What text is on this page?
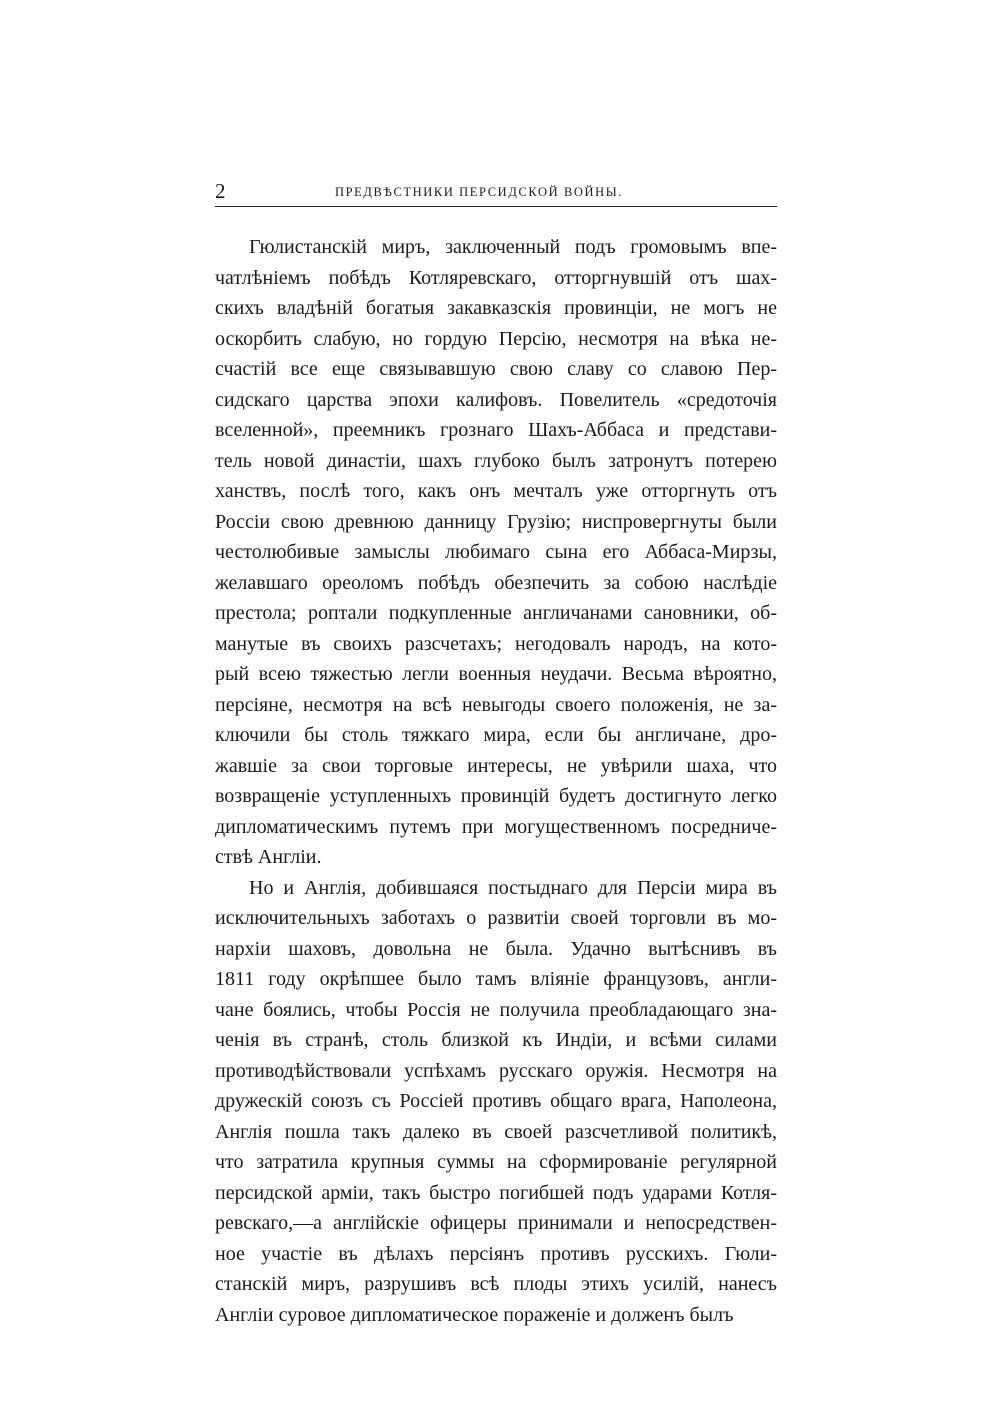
2	ПРЕДВѢСТНИКИ ПЕРСИДСКОЙ ВОЙНЫ.
Гюлистанскій миръ, заключенный подъ громовымъ впе-
чатлѣніемъ побѣдъ Котляревскаго, отторгнувшій отъ шах-
скихъ владѣній богатыя закавказскія провинціи, не могъ не
оскорбить слабую, но гордую Персію, несмотря на вѣка не-
счастій все еще связывавшую свою славу со славою Пер-
сидскаго царства эпохи калифовъ. Повелитель «средоточія
вселенной», преемникъ грознаго Шахъ-Аббаса и представи-
тель новой династіи, шахъ глубоко былъ затронутъ потерею
ханствъ, послѣ того, какъ онъ мечталъ уже отторгнуть отъ
Россіи свою древнюю данницу Грузію; ниспровергнуты были
честолюбивые замыслы любимаго сына его Аббаса-Мирзы,
желавшаго ореоломъ побѣдъ обезпечить за собою наслѣдіе
престола; роптали подкупленные англичанами сановники, об-
манутые въ своихъ разсчетахъ; негодовалъ народъ, на кото-
рый всею тяжестью легли военныя неудачи. Весьма вѣроятно,
персіяне, несмотря на всѣ невыгоды своего положенія, не за-
ключили бы столь тяжкаго мира, если бы англичане, дро-
жавшіе за свои торговые интересы, не увѣрили шаха, что
возвращеніе уступленныхъ провинцій будетъ достигнуто легко
дипломатическимъ путемъ при могущественномъ посредниче-
ствѣ Англіи.
Но и Англія, добившаяся постыднаго для Персіи мира въ
исключительныхъ заботахъ о развитіи своей торговли въ мо-
нархіи шаховъ, довольна не была. Удачно вытѣснивъ въ
1811 году окрѣпшее было тамъ вліяніе французовъ, англи-
чане боялись, чтобы Россія не получила преобладающаго зна-
ченія въ странѣ, столь близкой къ Индіи, и всѣми силами
противодѣйствовали успѣхамъ русскаго оружія. Несмотря на
дружескій союзъ съ Россіей противъ общаго врага, Наполеона,
Англія пошла такъ далеко въ своей разсчетливой политикѣ,
что затратила крупныя суммы на сформированіе регулярной
персидской арміи, такъ быстро погибшей подъ ударами Котля-
ревскаго,—а англійскіе офицеры принимали и непосредствен-
ное участіе въ дѣлахъ персіянъ противъ русскихъ. Гюли-
станскій миръ, разрушивъ всѣ плоды этихъ усилій, нанесъ
Англіи суровое дипломатическое пораженіе и долженъ былъ
